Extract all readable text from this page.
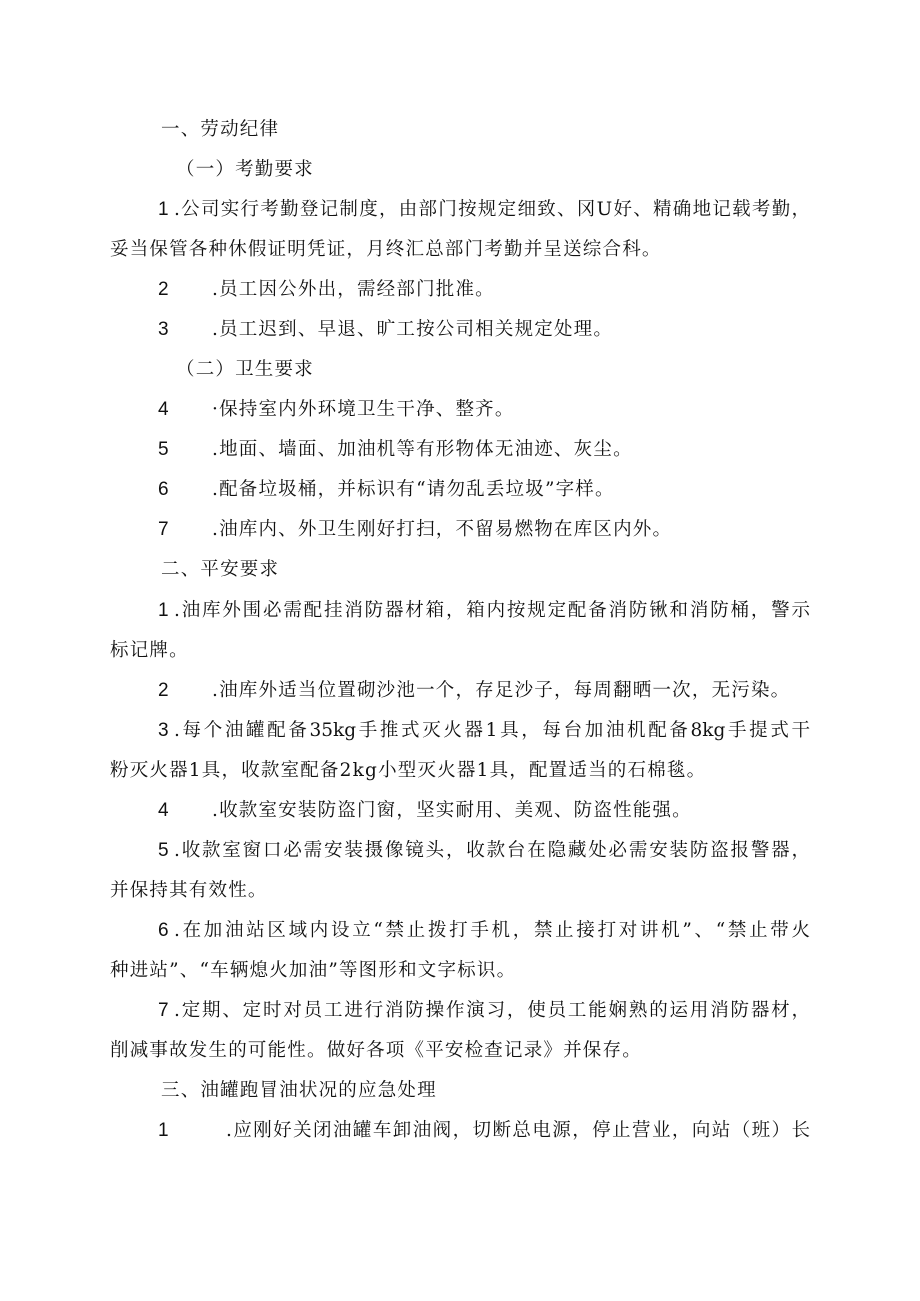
一、劳动纪律
（一）考勤要求
1 .公司实行考勤登记制度，由部门按规定细致、冈U好、精确地记载考勤，
妥当保管各种休假证明凭证，月终汇总部门考勤并呈送综合科。
2 .员工因公外出，需经部门批准。
3 .员工迟到、早退、旷工按公司相关规定处理。
（二）卫生要求
4 ·保持室内外环境卫生干净、整齐。
5 .地面、墙面、加油机等有形物体无油迹、灰尘。
6 .配备垃圾桶，并标识有“请勿乱丢垃圾”字样。
7 .油库内、外卫生刚好打扫，不留易燃物在库区内外。
二、平安要求
1 .油库外围必需配挂消防器材箱，箱内按规定配备消防锹和消防桶，警示
标记牌。
2 .油库外适当位置砌沙池一个，存足沙子，每周翻晒一次，无污染。
3 .每个油罐配备35kg手推式灭火器1具，每台加油机配备8kg手提式干
粉灭火器1具，收款室配备2kg小型灭火器1具，配置适当的石棉毯。
4 .收款室安装防盗门窗，坚实耐用、美观、防盗性能强。
5 .收款室窗口必需安装摄像镜头，收款台在隐藏处必需安装防盗报警器，
并保持其有效性。
6 .在加油站区域内设立“禁止拨打手机，禁止接打对讲机”、“禁止带火
种进站”、“车辆熄火加油”等图形和文字标识。
7 .定期、定时对员工进行消防操作演习，使员工能娴熟的运用消防器材，
削减事故发生的可能性。做好各项《平安检查记录》并保存。
三、油罐跑冒油状况的应急处理
1	.应刚好关闭油罐车卸油阀，切断总电源，停止营业，向站（班）长
